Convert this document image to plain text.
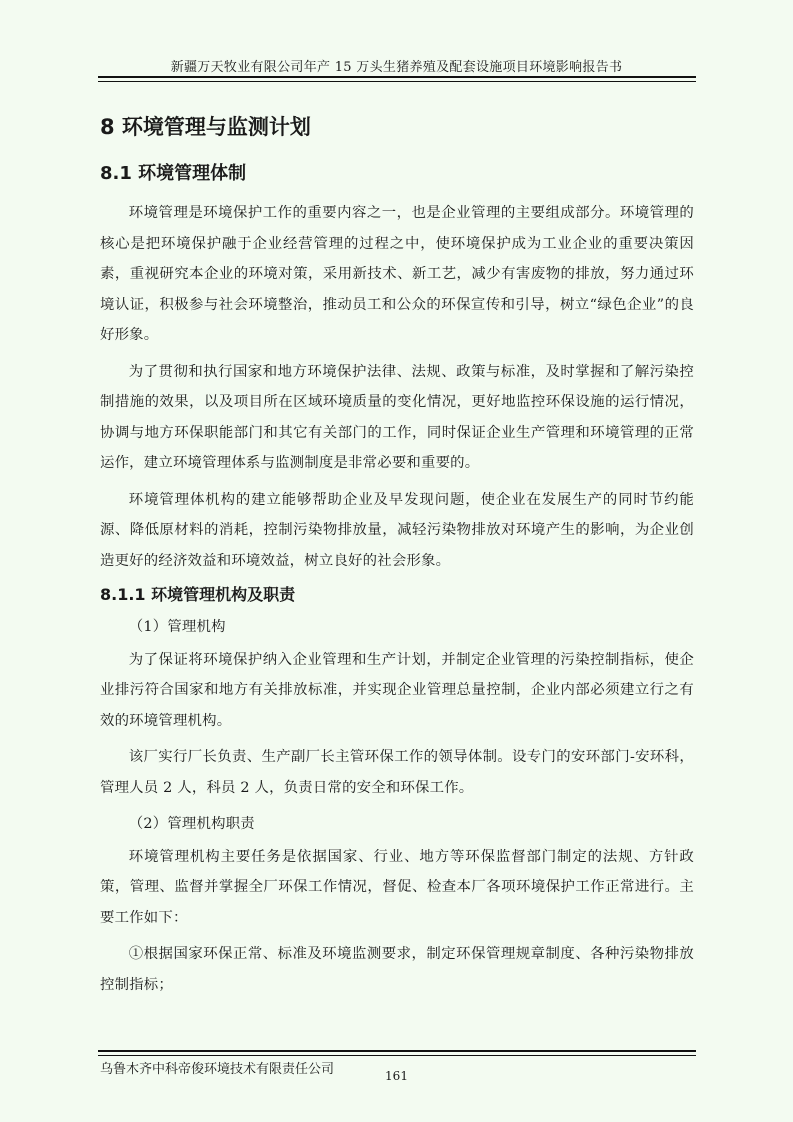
新疆万天牧业有限公司年产 15 万头生猪养殖及配套设施项目环境影响报告书
8 环境管理与监测计划
8.1 环境管理体制

环境管理是环境保护工作的重要内容之一，也是企业管理的主要组成部分。环境管理的核心是把环境保护融于企业经营管理的过程之中，使环境保护成为工业企业的重要决策因素，重视研究本企业的环境对策，采用新技术、新工艺，减少有害废物的排放，努力通过环境认证，积极参与社会环境整治，推动员工和公众的环保宣传和引导，树立“绿色企业”的良好形象。

为了贯彻和执行国家和地方环境保护法律、法规、政策与标准，及时掌握和了解污染控制措施的效果，以及项目所在区域环境质量的变化情况，更好地监控环保设施的运行情况，协调与地方环保职能部门和其它有关部门的工作，同时保证企业生产管理和环境管理的正常运作，建立环境管理体系与监测制度是非常必要和重要的。

环境管理体机构的建立能够帮助企业及早发现问题，使企业在发展生产的同时节约能源、降低原材料的消耗，控制污染物排放量，减轻污染物排放对环境产生的影响，为企业创造更好的经济效益和环境效益，树立良好的社会形象。

8.1.1 环境管理机构及职责

（1）管理机构

为了保证将环境保护纳入企业管理和生产计划，并制定企业管理的污染控制指标，使企业排污符合国家和地方有关排放标准，并实现企业管理总量控制，企业内部必须建立行之有效的环境管理机构。

该厂实行厂长负责、生产副厂长主管环保工作的领导体制。设专门的安环部门-安环科，管理人员 2 人，科员 2 人，负责日常的安全和环保工作。

（2）管理机构职责

环境管理机构主要任务是依据国家、行业、地方等环保监督部门制定的法规、方针政策，管理、监督并掌握全厂环保工作情况，督促、检查本厂各项环境保护工作正常进行。主要工作如下：

①根据国家环保正常、标准及环境监测要求，制定环保管理规章制度、各种污染物排放控制指标；

乌鲁木齐中科帝俊环境技术有限责任公司	161
